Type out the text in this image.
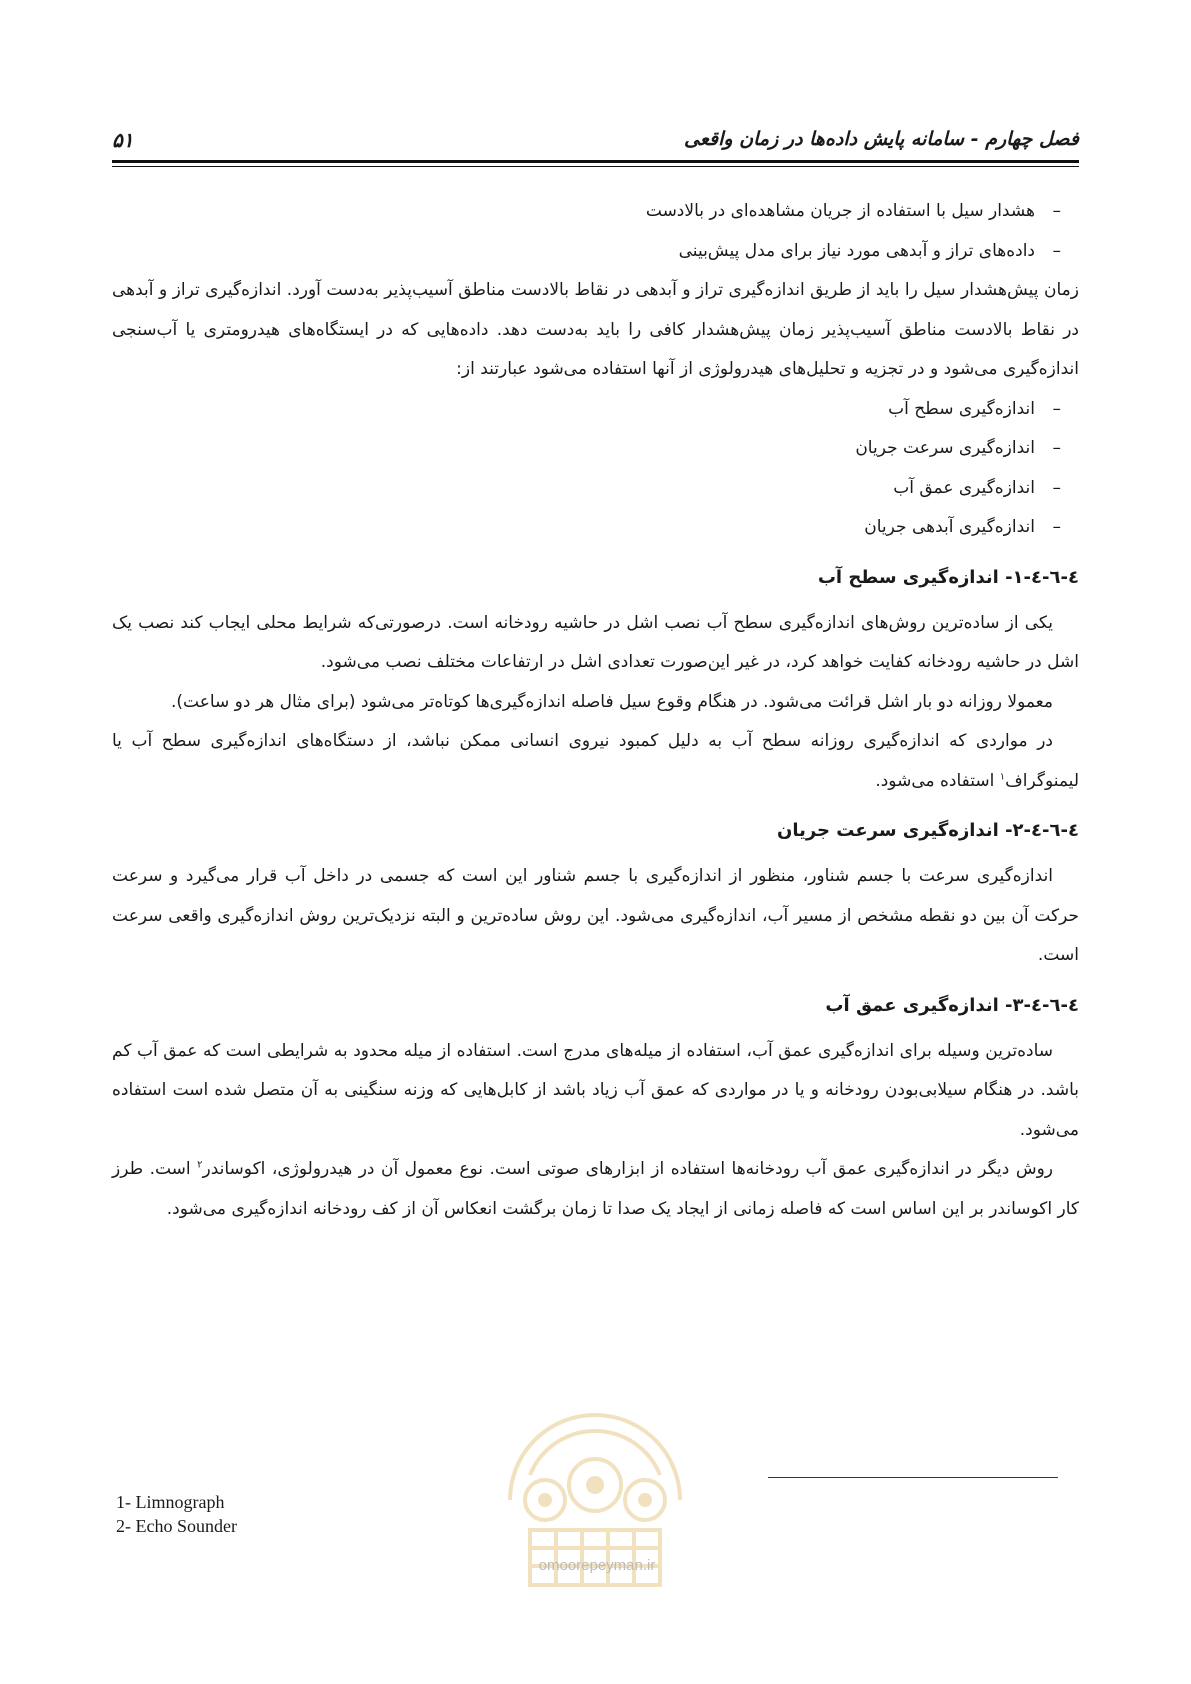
فصل چهارم - سامانه پایش داده‌ها در زمان واقعی
۵۱
–هشدار سیل با استفاده از جریان مشاهده‌ای در بالادست
–داده‌های تراز و آبدهی مورد نیاز برای مدل پیش‌بینی

زمان پیش‌هشدار سیل را باید از طریق اندازه‌گیری تراز و آبدهی در نقاط بالادست مناطق آسیب‌پذیر به‌دست آورد. اندازه‌گیری تراز و آبدهی در نقاط بالادست مناطق آسیب‌پذیر زمان پیش‌هشدار کافی را باید به‌دست دهد. داده‌هایی که در ایستگاه‌های هیدرومتری یا آب‌سنجی اندازه‌گیری می‌شود و در تجزیه و تحلیل‌های هیدرولوژی از آنها استفاده می‌شود عبارتند از:

–اندازه‌گیری سطح آب
–اندازه‌گیری سرعت جریان
–اندازه‌گیری عمق آب
–اندازه‌گیری آبدهی جریان
٤-٦-٤-١- اندازه‌گیری سطح آب

یکی از ساده‌ترین روش‌های اندازه‌گیری سطح آب نصب اشل در حاشیه رودخانه است. درصورتی‌که شرایط محلی ایجاب کند نصب یک اشل در حاشیه رودخانه کفایت خواهد کرد، در غیر این‌صورت تعدادی اشل در ارتفاعات مختلف نصب می‌شود.

معمولا روزانه دو بار اشل قرائت می‌شود. در هنگام وقوع سیل فاصله اندازه‌گیری‌ها کوتاه‌تر می‌شود (برای مثال هر دو ساعت).

در مواردی که اندازه‌گیری روزانه سطح آب به دلیل کمبود نیروی انسانی ممکن نباشد، از دستگاه‌های اندازه‌گیری سطح آب یا لیمنوگراف$^۱$ استفاده می‌شود.

٤-٦-٤-٢- اندازه‌گیری سرعت جریان

اندازه‌گیری سرعت با جسم شناور، منظور از اندازه‌گیری با جسم شناور این است که جسمی در داخل آب قرار می‌گیرد و سرعت حرکت آن بین دو نقطه مشخص از مسیر آب، اندازه‌گیری می‌شود. این روش ساده‌ترین و البته نزدیک‌ترین روش اندازه‌گیری واقعی سرعت است.

٤-٦-٤-٣- اندازه‌گیری عمق آب

ساده‌ترین وسیله برای اندازه‌گیری عمق آب، استفاده از میله‌های مدرج است. استفاده از میله محدود به شرایطی است که عمق آب کم باشد. در هنگام سیلابی‌بودن رودخانه و یا در مواردی که عمق آب زیاد باشد از کابل‌هایی که وزنه سنگینی به آن متصل شده است استفاده می‌شود.

روش دیگر در اندازه‌گیری عمق آب رودخانه‌ها استفاده از ابزارهای صوتی است. نوع معمول آن در هیدرولوژی، اکوساندر$^۲$ است. طرز کار اکوساندر بر این اساس است که فاصله زمانی از ایجاد یک صدا تا زمان برگشت انعکاس آن از کف رودخانه اندازه‌گیری می‌شود.

1- Limnograph
2- Echo Sounder
omoorepeyman.ir
